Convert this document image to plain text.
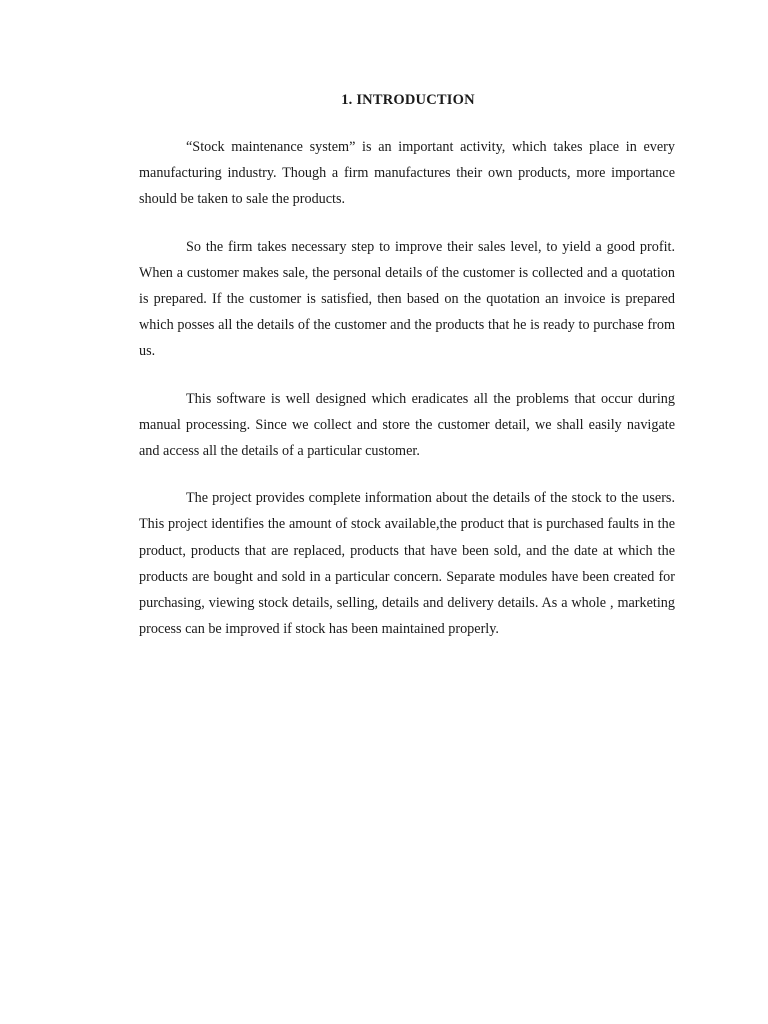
1. INTRODUCTION

“Stock maintenance system” is an important activity, which takes place in every manufacturing industry. Though a firm manufactures their own products, more importance should be taken to sale the products.

So the firm takes necessary step to improve their sales level, to yield a good profit. When a customer makes sale, the personal details of the customer is collected and a quotation is prepared. If the customer is satisfied, then based on the quotation an invoice is prepared which posses all the details of the customer and the products that he is ready to purchase from us.

This software is well designed which eradicates all the problems that occur during manual processing. Since we collect and store the customer detail, we shall easily navigate and access all the details of a particular customer.

The project provides complete information about the details of the stock to the users. This project identifies the amount of stock available,the product that is purchased faults in the product, products that are replaced, products that have been sold, and the date at which the products are bought and sold in a particular concern. Separate modules have been created for purchasing, viewing stock details, selling, details and delivery details. As a whole , marketing process can be improved if stock has been maintained properly.
